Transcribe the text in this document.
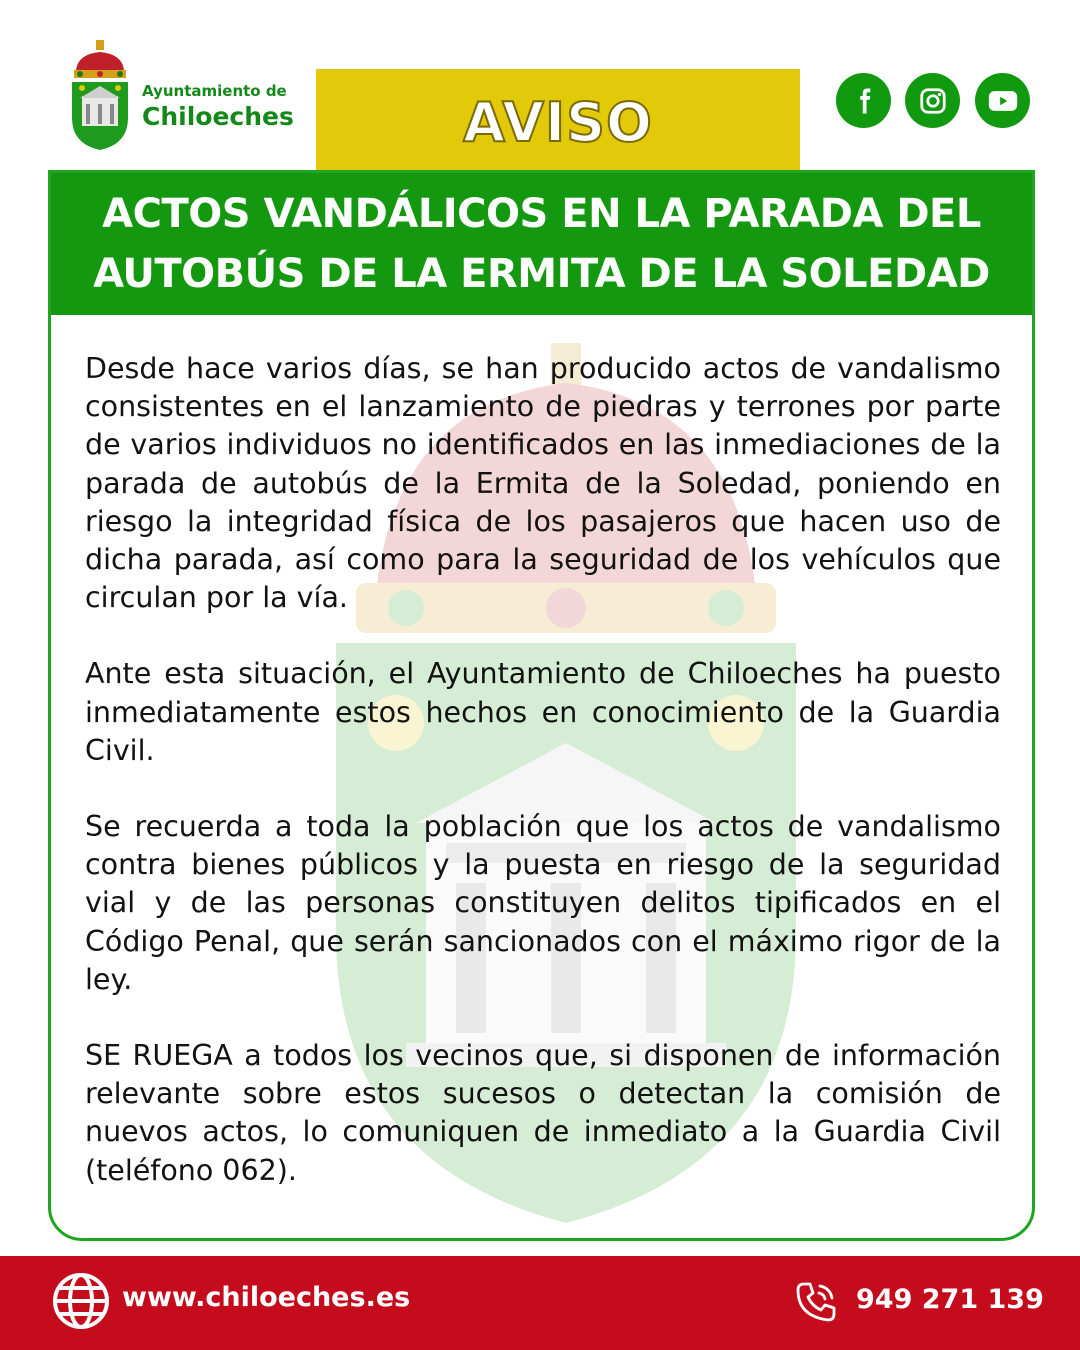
Ayuntamiento de
Chiloeches	AVISO
ACTOS VANDÁLICOS EN LA PARADA DEL
AUTOBÚS DE LA ERMITA DE LA SOLEDAD

Desde hace varios días, se han producido actos de vandalismo consistentes en el lanzamiento de piedras y terrones por parte de varios individuos no identificados en las inmediaciones de la parada de autobús de la Ermita de la Soledad, poniendo en riesgo la integridad física de los pasajeros que hacen uso de dicha parada, así como para la seguridad de los vehículos que circulan por la vía.

Ante esta situación, el Ayuntamiento de Chiloeches ha puesto inmediatamente estos hechos en conocimiento de la Guardia Civil.

Se recuerda a toda la población que los actos de vandalismo contra bienes públicos y la puesta en riesgo de la seguridad vial y de las personas constituyen delitos tipificados en el Código Penal, que serán sancionados con el máximo rigor de la ley.

SE RUEGA a todos los vecinos que, si disponen de información relevante sobre estos sucesos o detectan la comisión de nuevos actos, lo comuniquen de inmediato a la Guardia Civil (teléfono 062).

www.chiloeches.es	949 271 139
